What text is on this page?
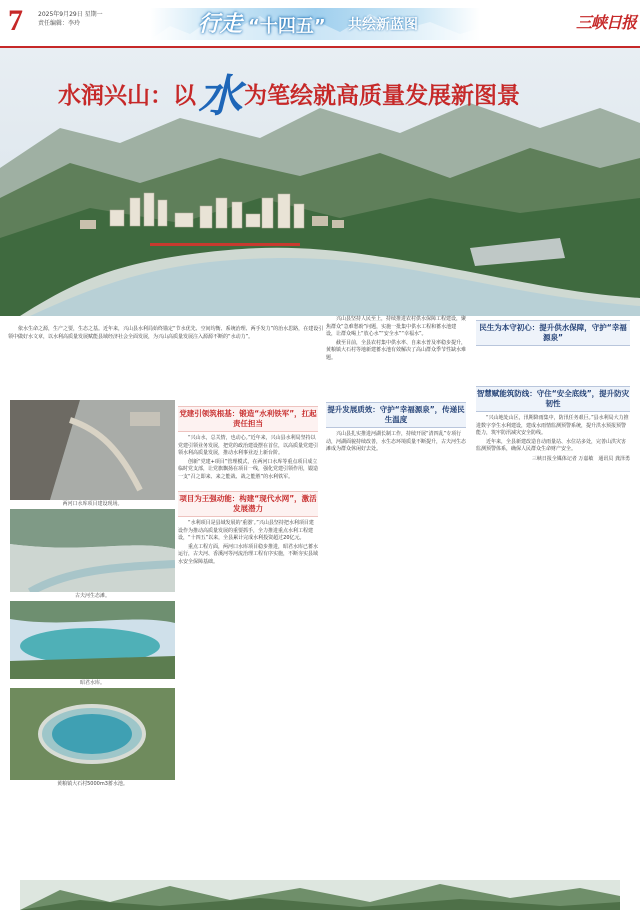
7	2025年9月29日 星期一
责任编辑：李玲	行走 “十四五” 共绘新蓝图	三峡日报
水润兴山：以水为笔绘就高质量发展新图景
依水生命之源，生产之要，生态之基。近年来，兴山县水利局始终锚定“节水优先、空间均衡、系统治理、两手发力”的治水思路，在建设引领中做好水文章，以水利高质量发展赋能县域经济社会全面发展，为兴山高质量发展注入源源不断的“水动力”。
两河口水库项目建设现场。
古夫河生态滩。
昭君水库。
黄粮镇大石村5000m3蓄水池。
党建引领筑根基：锻造“水利铁军”，扛起责任担当

“兴山水，总关情，也动心。”近年来，兴山县水利局坚持以党建引领业务发展，把党的政治建设摆在首位，以高质量党建引领水利高质量发展，推动水利事业迈上新台阶。

创新“党建+项目”管理模式，在两河口水库等重点项目成立临时党支部，让党旗飘扬在项目一线，强化党建引领作用，锻造一支“召之即来、来之能战、战之能胜”的水利铁军。

项目为王强动能：构建“现代水网”，激活发展潜力

“水利项目是县域发展的‘重器’。”兴山县坚持把水利项目建设作为推动高质量发展的重要抓手，全力推进重点水利工程建设，“十四五”以来，全县累计完成水利投资超过20亿元。

重点工程方面，两河口水库项目稳步推进，昭君水库已蓄水运行，古夫河、香溪河等河流治理工程有序实施，不断夯实县域水安全保障基础。

兴山县坚持人民至上，持续推进农村供水保障工程建设，聚焦群众“急难愁盼”问题，实施一批集中供水工程和蓄水池建设，让群众喝上“放心水”“安全水”“幸福水”。

截至目前，全县农村集中供水率、自来水普及率稳步提升，黄粮镇大石村等地新建蓄水池有效解决了高山群众季节性缺水难题。

提升发展质效：守护“幸福源泉”，传递民生温度

兴山县扎实推进河湖长制工作，持续开展“清四乱”专项行动，河湖面貌持续改善，水生态环境质量不断提升，古夫河生态滩成为群众休闲好去处。

民生为本守初心：提升供水保障，守护“幸福源泉”
智慧赋能筑防线：守住“安全底线”，提升防灾韧性

“兴山地处山区，汛期降雨集中，防汛任务艰巨。”县水利局大力推进数字孪生水利建设，建成水雨情监测预警系统，提升洪水预报预警能力，筑牢防汛减灾安全防线。

近年来，全县新建改造自动雨量站、水位站多处，完善山洪灾害监测预警体系，确保人民群众生命财产安全。

三峡日报全媒体记者 万嘉敏　通讯员 龚泽勇
